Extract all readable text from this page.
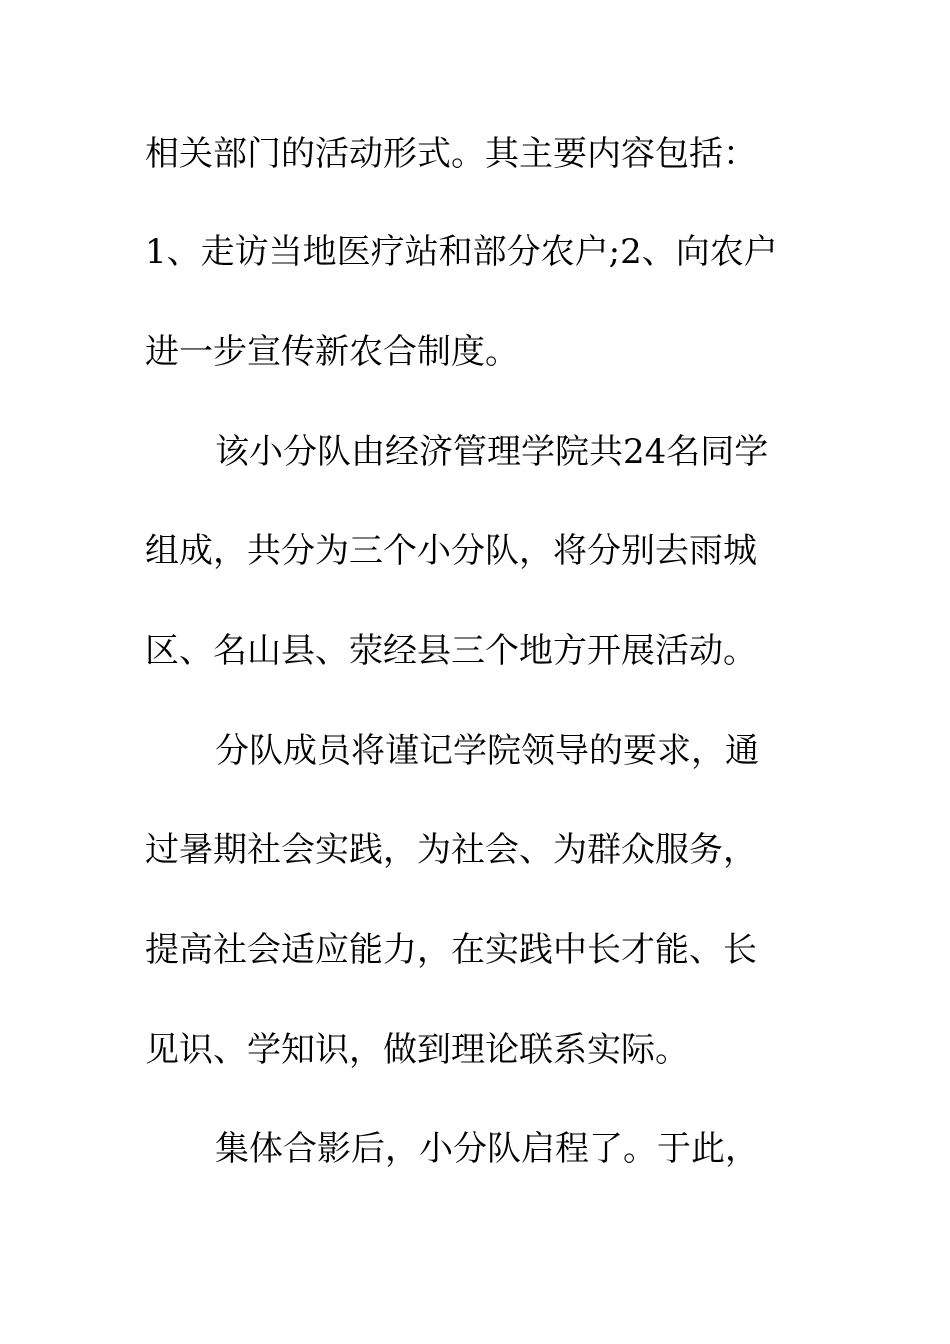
相关部门的活动形式。其主要内容包括：
1、走访当地医疗站和部分农户;2、向农户
进一步宣传新农合制度。
该小分队由经济管理学院共24名同学
组成，共分为三个小分队，将分别去雨城
区、名山县、荥经县三个地方开展活动。
分队成员将谨记学院领导的要求，通
过暑期社会实践，为社会、为群众服务，
提高社会适应能力，在实践中长才能、长
见识、学知识，做到理论联系实际。
集体合影后，小分队启程了。于此，
